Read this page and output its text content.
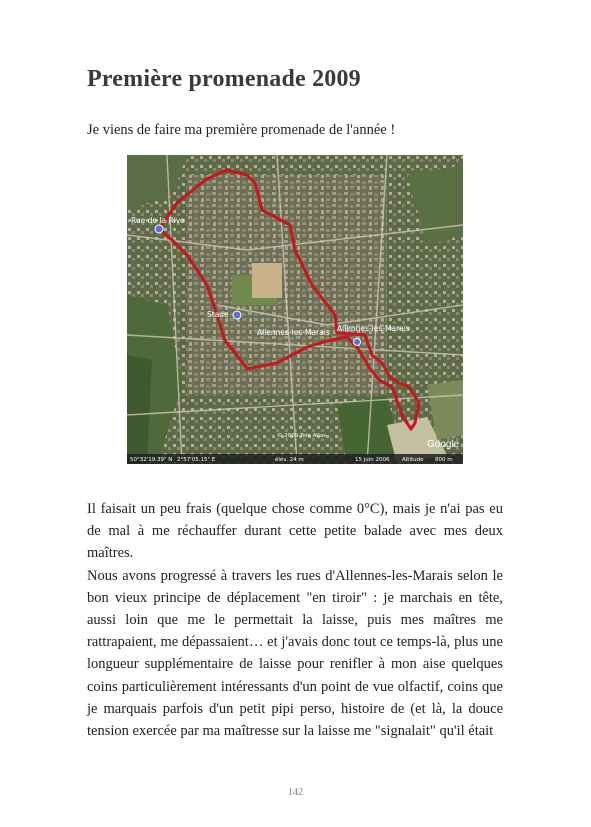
Première promenade 2009
Je viens de faire ma première promenade de l'année !
Rue de la Rive
Stade
Allennes-les-Marais Allennes-les-Marais
© 2009 Tele Atlas
Google
50°32'19.39" N 2°57'05.15" E	élév. 24 m	15 juin 2006 Altitude 800 m

Il faisait un peu frais (quelque chose comme 0°C), mais je n'ai pas eu de mal à me réchauffer durant cette petite balade avec mes deux maîtres.

Nous avons progressé à travers les rues d'Allennes-les-Marais selon le bon vieux principe de déplacement "en tiroir" : je marchais en tête, aussi loin que me le permettait la laisse, puis mes maîtres me rattrapaient, me dépassaient… et j'avais donc tout ce temps-là, plus une longueur supplémentaire de laisse pour renifler à mon aise quelques coins particulièrement intéressants d'un point de vue olfactif, coins que je marquais parfois d'un petit pipi perso, histoire de (et là, la douce tension exercée par ma maîtresse sur la laisse me "signalait" qu'il était

142
